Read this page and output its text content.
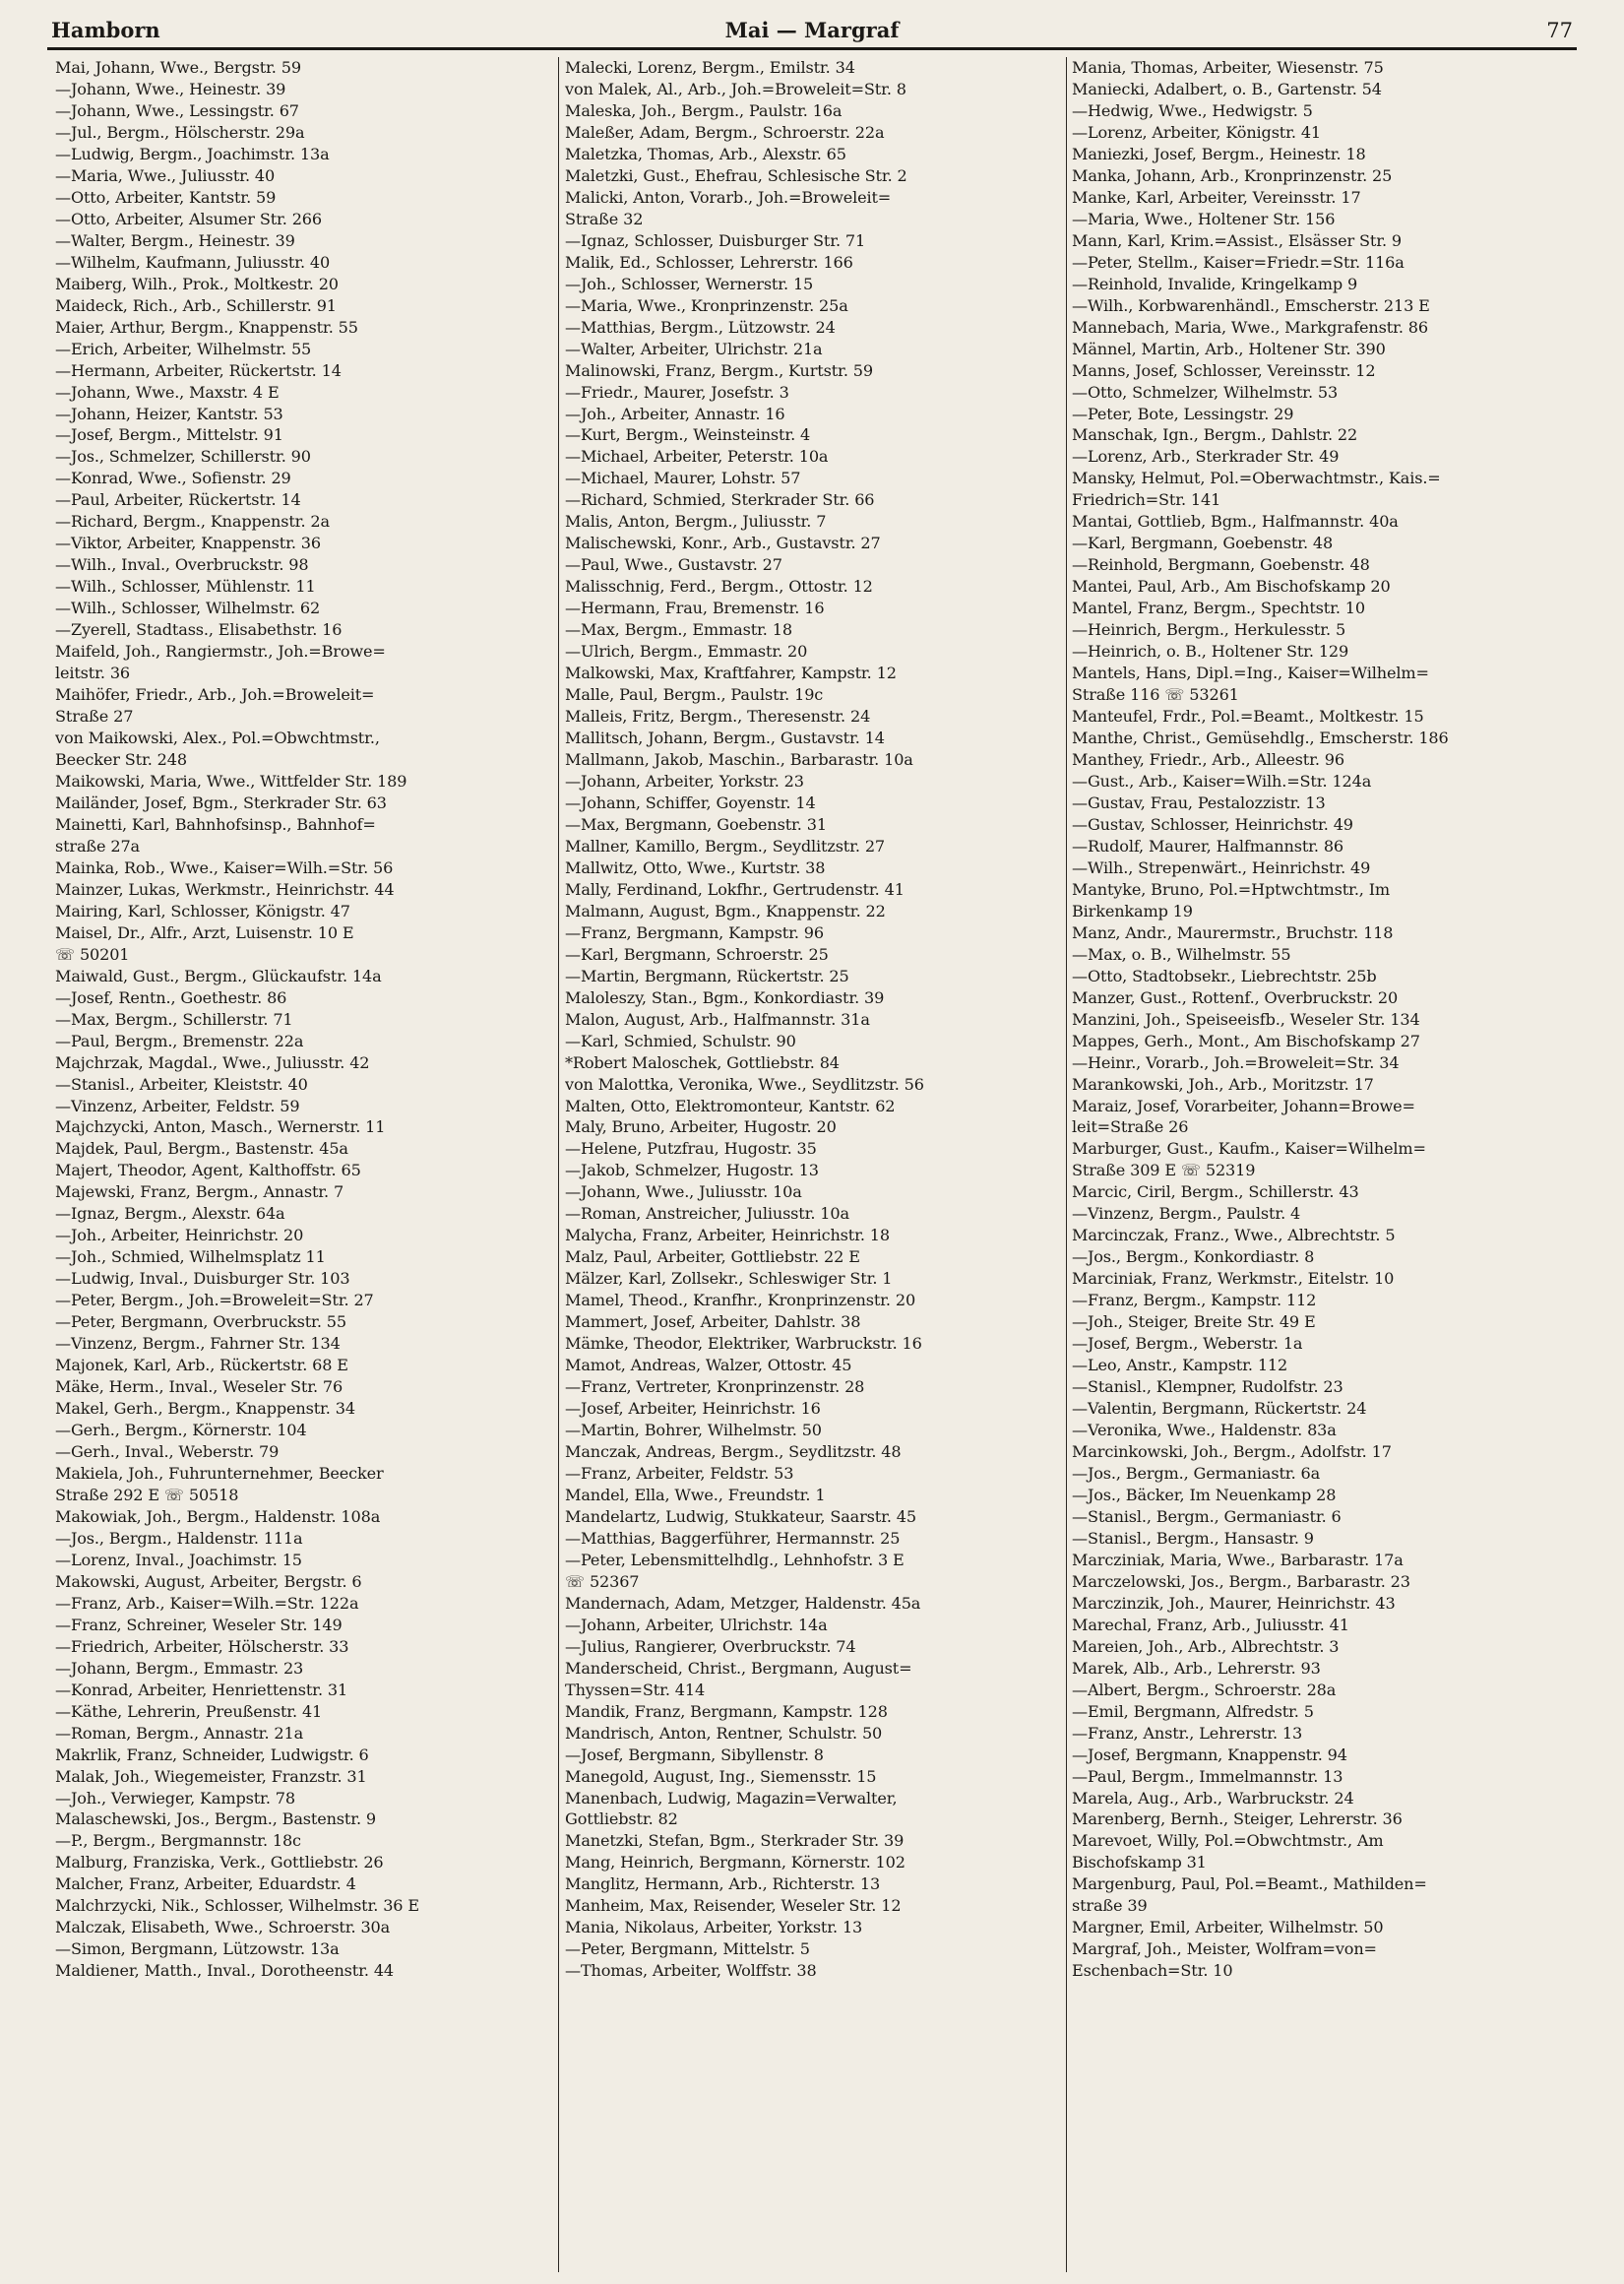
Hamborn	Mai — Margraf	77
Mai, Johann, Wwe., Bergstr. 59
—Johann, Wwe., Heinestr. 39
—Johann, Wwe., Lessingstr. 67
—Jul., Bergm., Hölscherstr. 29a
—Ludwig, Bergm., Joachimstr. 13a
—Maria, Wwe., Juliusstr. 40
—Otto, Arbeiter, Kantstr. 59
—Otto, Arbeiter, Alsumer Str. 266
—Walter, Bergm., Heinestr. 39
—Wilhelm, Kaufmann, Juliusstr. 40
Maiberg, Wilh., Prok., Moltkestr. 20
Maideck, Rich., Arb., Schillerstr. 91
Maier, Arthur, Bergm., Knappenstr. 55
—Erich, Arbeiter, Wilhelmstr. 55
—Hermann, Arbeiter, Rückertstr. 14
—Johann, Wwe., Maxstr. 4 E
—Johann, Heizer, Kantstr. 53
—Josef, Bergm., Mittelstr. 91
—Jos., Schmelzer, Schillerstr. 90
—Konrad, Wwe., Sofienstr. 29
—Paul, Arbeiter, Rückertstr. 14
—Richard, Bergm., Knappenstr. 2a
—Viktor, Arbeiter, Knappenstr. 36
—Wilh., Inval., Overbruckstr. 98
—Wilh., Schlosser, Mühlenstr. 11
—Wilh., Schlosser, Wilhelmstr. 62
—Zyerell, Stadtass., Elisabethstr. 16
Maifeld, Joh., Rangiermstr., Joh.=Browe=
leitstr. 36
Maihöfer, Friedr., Arb., Joh.=Broweleit=
Straße 27
von Maikowski, Alex., Pol.=Obwchtmstr.,
Beecker Str. 248
Maikowski, Maria, Wwe., Wittfelder Str. 189
Mailänder, Josef, Bgm., Sterkrader Str. 63
Mainetti, Karl, Bahnhofsinsp., Bahnhof=
straße 27a
Mainka, Rob., Wwe., Kaiser=Wilh.=Str. 56
Mainzer, Lukas, Werkmstr., Heinrichstr. 44
Mairing, Karl, Schlosser, Königstr. 47
Maisel, Dr., Alfr., Arzt, Luisenstr. 10 E
☏ 50201
Maiwald, Gust., Bergm., Glückaufstr. 14a
—Josef, Rentn., Goethestr. 86
—Max, Bergm., Schillerstr. 71
—Paul, Bergm., Bremenstr. 22a
Majchrzak, Magdal., Wwe., Juliusstr. 42
—Stanisl., Arbeiter, Kleiststr. 40
—Vinzenz, Arbeiter, Feldstr. 59
Majchzycki, Anton, Masch., Wernerstr. 11
Majdek, Paul, Bergm., Bastenstr. 45a
Majert, Theodor, Agent, Kalthoffstr. 65
Majewski, Franz, Bergm., Annastr. 7
—Ignaz, Bergm., Alexstr. 64a
—Joh., Arbeiter, Heinrichstr. 20
—Joh., Schmied, Wilhelmsplatz 11
—Ludwig, Inval., Duisburger Str. 103
—Peter, Bergm., Joh.=Broweleit=Str. 27
—Peter, Bergmann, Overbruckstr. 55
—Vinzenz, Bergm., Fahrner Str. 134
Majonek, Karl, Arb., Rückertstr. 68 E
Mäke, Herm., Inval., Weseler Str. 76
Makel, Gerh., Bergm., Knappenstr. 34
—Gerh., Bergm., Körnerstr. 104
—Gerh., Inval., Weberstr. 79
Makiela, Joh., Fuhrunternehmer, Beecker
Straße 292 E ☏ 50518
Makowiak, Joh., Bergm., Haldenstr. 108a
—Jos., Bergm., Haldenstr. 111a
—Lorenz, Inval., Joachimstr. 15
Makowski, August, Arbeiter, Bergstr. 6
—Franz, Arb., Kaiser=Wilh.=Str. 122a
—Franz, Schreiner, Weseler Str. 149
—Friedrich, Arbeiter, Hölscherstr. 33
—Johann, Bergm., Emmastr. 23
—Konrad, Arbeiter, Henriettenstr. 31
—Käthe, Lehrerin, Preußenstr. 41
—Roman, Bergm., Annastr. 21a
Makrlik, Franz, Schneider, Ludwigstr. 6
Malak, Joh., Wiegemeister, Franzstr. 31
—Joh., Verwieger, Kampstr. 78
Malaschewski, Jos., Bergm., Bastenstr. 9
—P., Bergm., Bergmannstr. 18c
Malburg, Franziska, Verk., Gottliebstr. 26
Malcher, Franz, Arbeiter, Eduardstr. 4
Malchrzycki, Nik., Schlosser, Wilhelmstr. 36 E
Malczak, Elisabeth, Wwe., Schroerstr. 30a
—Simon, Bergmann, Lützowstr. 13a
Maldiener, Matth., Inval., Dorotheenstr. 44
Malecki, Lorenz, Bergm., Emilstr. 34
von Malek, Al., Arb., Joh.=Broweleit=Str. 8
Maleska, Joh., Bergm., Paulstr. 16a
Maleßer, Adam, Bergm., Schroerstr. 22a
Maletzka, Thomas, Arb., Alexstr. 65
Maletzki, Gust., Ehefrau, Schlesische Str. 2
Malicki, Anton, Vorarb., Joh.=Broweleit=
Straße 32
—Ignaz, Schlosser, Duisburger Str. 71
Malik, Ed., Schlosser, Lehrerstr. 166
—Joh., Schlosser, Wernerstr. 15
—Maria, Wwe., Kronprinzenstr. 25a
—Matthias, Bergm., Lützowstr. 24
—Walter, Arbeiter, Ulrichstr. 21a
Malinowski, Franz, Bergm., Kurtstr. 59
—Friedr., Maurer, Josefstr. 3
—Joh., Arbeiter, Annastr. 16
—Kurt, Bergm., Weinsteinstr. 4
—Michael, Arbeiter, Peterstr. 10a
—Michael, Maurer, Lohstr. 57
—Richard, Schmied, Sterkrader Str. 66
Malis, Anton, Bergm., Juliusstr. 7
Malischewski, Konr., Arb., Gustavstr. 27
—Paul, Wwe., Gustavstr. 27
Malisschnig, Ferd., Bergm., Ottostr. 12
—Hermann, Frau, Bremenstr. 16
—Max, Bergm., Emmastr. 18
—Ulrich, Bergm., Emmastr. 20
Malkowski, Max, Kraftfahrer, Kampstr. 12
Malle, Paul, Bergm., Paulstr. 19c
Malleis, Fritz, Bergm., Theresenstr. 24
Mallitsch, Johann, Bergm., Gustavstr. 14
Mallmann, Jakob, Maschin., Barbarastr. 10a
—Johann, Arbeiter, Yorkstr. 23
—Johann, Schiffer, Goyenstr. 14
—Max, Bergmann, Goebenstr. 31
Mallner, Kamillo, Bergm., Seydlitzstr. 27
Mallwitz, Otto, Wwe., Kurtstr. 38
Mally, Ferdinand, Lokfhr., Gertrudenstr. 41
Malmann, August, Bgm., Knappenstr. 22
—Franz, Bergmann, Kampstr. 96
—Karl, Bergmann, Schroerstr. 25
—Martin, Bergmann, Rückertstr. 25
Maloleszy, Stan., Bgm., Konkordiastr. 39
Malon, August, Arb., Halfmannstr. 31a
—Karl, Schmied, Schulstr. 90
*Robert Maloschek, Gottliebstr. 84
von Malottka, Veronika, Wwe., Seydlitzstr. 56
Malten, Otto, Elektromonteur, Kantstr. 62
Maly, Bruno, Arbeiter, Hugostr. 20
—Helene, Putzfrau, Hugostr. 35
—Jakob, Schmelzer, Hugostr. 13
—Johann, Wwe., Juliusstr. 10a
—Roman, Anstreicher, Juliusstr. 10a
Malycha, Franz, Arbeiter, Heinrichstr. 18
Malz, Paul, Arbeiter, Gottliebstr. 22 E
Mälzer, Karl, Zollsekr., Schleswiger Str. 1
Mamel, Theod., Kranfhr., Kronprinzenstr. 20
Mammert, Josef, Arbeiter, Dahlstr. 38
Mämke, Theodor, Elektriker, Warbruckstr. 16
Mamot, Andreas, Walzer, Ottostr. 45
—Franz, Vertreter, Kronprinzenstr. 28
—Josef, Arbeiter, Heinrichstr. 16
—Martin, Bohrer, Wilhelmstr. 50
Manczak, Andreas, Bergm., Seydlitzstr. 48
—Franz, Arbeiter, Feldstr. 53
Mandel, Ella, Wwe., Freundstr. 1
Mandelartz, Ludwig, Stukkateur, Saarstr. 45
—Matthias, Baggerführer, Hermannstr. 25
—Peter, Lebensmittelhdlg., Lehnhofstr. 3 E
☏ 52367
Mandernach, Adam, Metzger, Haldenstr. 45a
—Johann, Arbeiter, Ulrichstr. 14a
—Julius, Rangierer, Overbruckstr. 74
Manderscheid, Christ., Bergmann, August=
Thyssen=Str. 414
Mandik, Franz, Bergmann, Kampstr. 128
Mandrisch, Anton, Rentner, Schulstr. 50
—Josef, Bergmann, Sibyllenstr. 8
Manegold, August, Ing., Siemensstr. 15
Manenbach, Ludwig, Magazin=Verwalter,
Gottliebstr. 82
Manetzki, Stefan, Bgm., Sterkrader Str. 39
Mang, Heinrich, Bergmann, Körnerstr. 102
Manglitz, Hermann, Arb., Richterstr. 13
Manheim, Max, Reisender, Weseler Str. 12
Mania, Nikolaus, Arbeiter, Yorkstr. 13
—Peter, Bergmann, Mittelstr. 5
—Thomas, Arbeiter, Wolffstr. 38
Mania, Thomas, Arbeiter, Wiesenstr. 75
Maniecki, Adalbert, o. B., Gartenstr. 54
—Hedwig, Wwe., Hedwigstr. 5
—Lorenz, Arbeiter, Königstr. 41
Maniezki, Josef, Bergm., Heinestr. 18
Manka, Johann, Arb., Kronprinzenstr. 25
Manke, Karl, Arbeiter, Vereinsstr. 17
—Maria, Wwe., Holtener Str. 156
Mann, Karl, Krim.=Assist., Elsässer Str. 9
—Peter, Stellm., Kaiser=Friedr.=Str. 116a
—Reinhold, Invalide, Kringelkamp 9
—Wilh., Korbwarenhändl., Emscherstr. 213 E
Mannebach, Maria, Wwe., Markgrafenstr. 86
Männel, Martin, Arb., Holtener Str. 390
Manns, Josef, Schlosser, Vereinsstr. 12
—Otto, Schmelzer, Wilhelmstr. 53
—Peter, Bote, Lessingstr. 29
Manschak, Ign., Bergm., Dahlstr. 22
—Lorenz, Arb., Sterkrader Str. 49
Mansky, Helmut, Pol.=Oberwachtmstr., Kais.=
Friedrich=Str. 141
Mantai, Gottlieb, Bgm., Halfmannstr. 40a
—Karl, Bergmann, Goebenstr. 48
—Reinhold, Bergmann, Goebenstr. 48
Mantei, Paul, Arb., Am Bischofskamp 20
Mantel, Franz, Bergm., Spechtstr. 10
—Heinrich, Bergm., Herkulesstr. 5
—Heinrich, o. B., Holtener Str. 129
Mantels, Hans, Dipl.=Ing., Kaiser=Wilhelm=
Straße 116 ☏ 53261
Manteufel, Frdr., Pol.=Beamt., Moltkestr. 15
Manthe, Christ., Gemüsehdlg., Emscherstr. 186
Manthey, Friedr., Arb., Alleestr. 96
—Gust., Arb., Kaiser=Wilh.=Str. 124a
—Gustav, Frau, Pestalozzistr. 13
—Gustav, Schlosser, Heinrichstr. 49
—Rudolf, Maurer, Halfmannstr. 86
—Wilh., Strepenwärt., Heinrichstr. 49
Mantyke, Bruno, Pol.=Hptwchtmstr., Im
Birkenkamp 19
Manz, Andr., Maurermstr., Bruchstr. 118
—Max, o. B., Wilhelmstr. 55
—Otto, Stadtobsekr., Liebrechtstr. 25b
Manzer, Gust., Rottenf., Overbruckstr. 20
Manzini, Joh., Speiseeisfb., Weseler Str. 134
Mappes, Gerh., Mont., Am Bischofskamp 27
—Heinr., Vorarb., Joh.=Broweleit=Str. 34
Marankowski, Joh., Arb., Moritzstr. 17
Maraiz, Josef, Vorarbeiter, Johann=Browe=
leit=Straße 26
Marburger, Gust., Kaufm., Kaiser=Wilhelm=
Straße 309 E ☏ 52319
Marcic, Ciril, Bergm., Schillerstr. 43
—Vinzenz, Bergm., Paulstr. 4
Marcinczak, Franz., Wwe., Albrechtstr. 5
—Jos., Bergm., Konkordiastr. 8
Marciniak, Franz, Werkmstr., Eitelstr. 10
—Franz, Bergm., Kampstr. 112
—Joh., Steiger, Breite Str. 49 E
—Josef, Bergm., Weberstr. 1a
—Leo, Anstr., Kampstr. 112
—Stanisl., Klempner, Rudolfstr. 23
—Valentin, Bergmann, Rückertstr. 24
—Veronika, Wwe., Haldenstr. 83a
Marcinkowski, Joh., Bergm., Adolfstr. 17
—Jos., Bergm., Germaniastr. 6a
—Jos., Bäcker, Im Neuenkamp 28
—Stanisl., Bergm., Germaniastr. 6
—Stanisl., Bergm., Hansastr. 9
Marcziniak, Maria, Wwe., Barbarastr. 17a
Marczelowski, Jos., Bergm., Barbarastr. 23
Marczinzik, Joh., Maurer, Heinrichstr. 43
Marechal, Franz, Arb., Juliusstr. 41
Mareien, Joh., Arb., Albrechtstr. 3
Marek, Alb., Arb., Lehrerstr. 93
—Albert, Bergm., Schroerstr. 28a
—Emil, Bergmann, Alfredstr. 5
—Franz, Anstr., Lehrerstr. 13
—Josef, Bergmann, Knappenstr. 94
—Paul, Bergm., Immelmannstr. 13
Marela, Aug., Arb., Warbruckstr. 24
Marenberg, Bernh., Steiger, Lehrerstr. 36
Marevoet, Willy, Pol.=Obwchtmstr., Am
Bischofskamp 31
Margenburg, Paul, Pol.=Beamt., Mathilden=
straße 39
Margner, Emil, Arbeiter, Wilhelmstr. 50
Margraf, Joh., Meister, Wolfram=von=
Eschenbach=Str. 10
